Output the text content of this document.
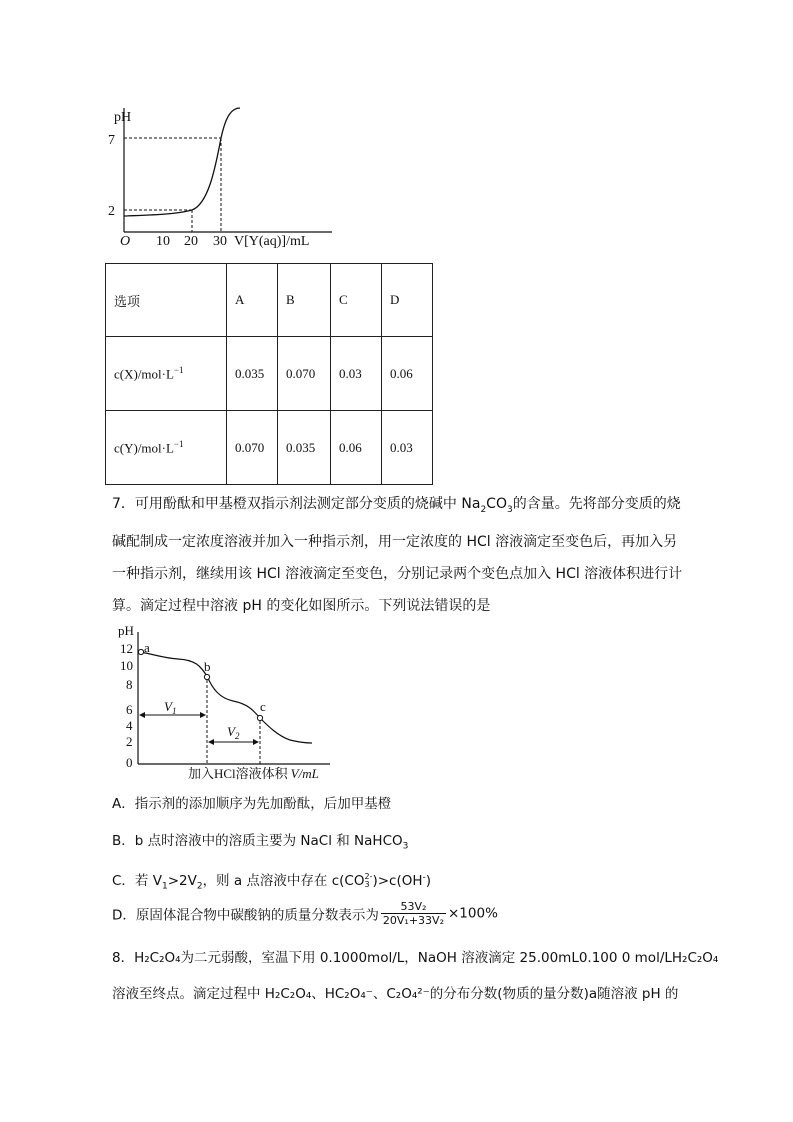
pH
O 10 20 30 V[Y(aq)]/mL
2
7
选项	A	B	C	D
$c(X)/mol\cdot L^{-1}$	0.035	0.070	0.03	0.06
$c(Y)/mol\cdot L^{-1}$	0.070	0.035	0.06	0.03
7．可用酚酞和甲基橙双指示剂法测定部分变质的烧碱中 $Na_2CO_3$的含量。先将部分变质的烧
碱配制成一定浓度溶液并加入一种指示剂，用一定浓度的 HCl 溶液滴定至变色后，再加入另
一种指示剂，继续用该 HCl 溶液滴定至变色，分别记录两个变色点加入 HCl 溶液体积进行计
算。滴定过程中溶液 pH 的变化如图所示。下列说法错误的是
pH
0
2
4
6
8
10
12 a
b
c
$V_1$
$V_2$
加入HCl溶液体积 V/mL
A．指示剂的添加顺序为先加酚酞，后加甲基橙
B．b 点时溶液中的溶质主要为 NaCl 和 NaHCO$_3$
C．若 $V_1>2V_2$，则 a 点溶液中存在 c(CO 2-
3 )>c(OH-)
D．原固体混合物中碳酸钠的质量分数表示为 $\frac{\text{53V₂}}{\text{20V₁+33V₂}} \times 100\%$
8．H₂C₂O₄为二元弱酸，室温下用 0.1000mol/L，NaOH 溶液滴定 25.00mL0.100 0 mol/LH₂C₂O₄
溶液至终点。滴定过程中 H₂C₂O₄、HC₂O₄⁻、C₂O₄²⁻的分布分数(物质的量分数)a随溶液 pH 的
